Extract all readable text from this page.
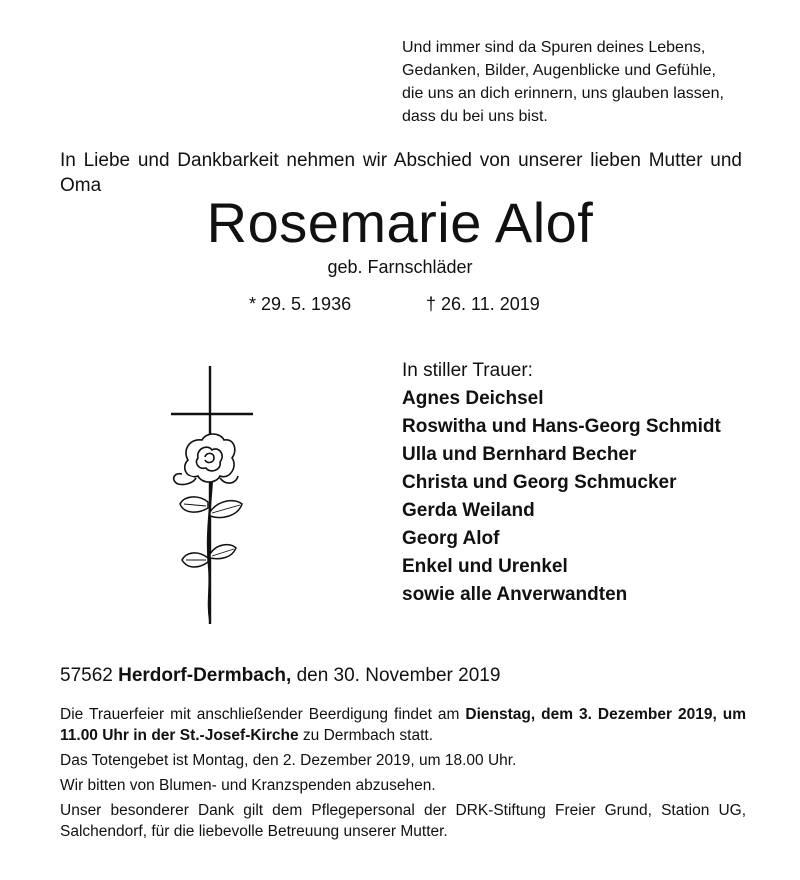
Und immer sind da Spuren deines Lebens,
Gedanken, Bilder, Augenblicke und Gefühle,
die uns an dich erinnern, uns glauben lassen,
dass du bei uns bist.
In Liebe und Dankbarkeit nehmen wir Abschied von unserer lieben Mutter und Oma
Rosemarie Alof
geb. Farnschläder
* 29. 5. 1936	† 26. 11. 2019
In stiller Trauer:
Agnes Deichsel
Roswitha und Hans-Georg Schmidt
Ulla und Bernhard Becher
Christa und Georg Schmucker
Gerda Weiland
Georg Alof
Enkel und Urenkel
sowie alle Anverwandten
57562 Herdorf-Dermbach, den 30. November 2019

Die Trauerfeier mit anschließender Beerdigung findet am Dienstag, dem 3. Dezember 2019, um 11.00 Uhr in der St.-Josef-Kirche zu Dermbach statt.

Das Totengebet ist Montag, den 2. Dezember 2019, um 18.00 Uhr.

Wir bitten von Blumen- und Kranzspenden abzusehen.

Unser besonderer Dank gilt dem Pflegepersonal der DRK-Stiftung Freier Grund, Station UG, Salchendorf, für die liebevolle Betreuung unserer Mutter.
